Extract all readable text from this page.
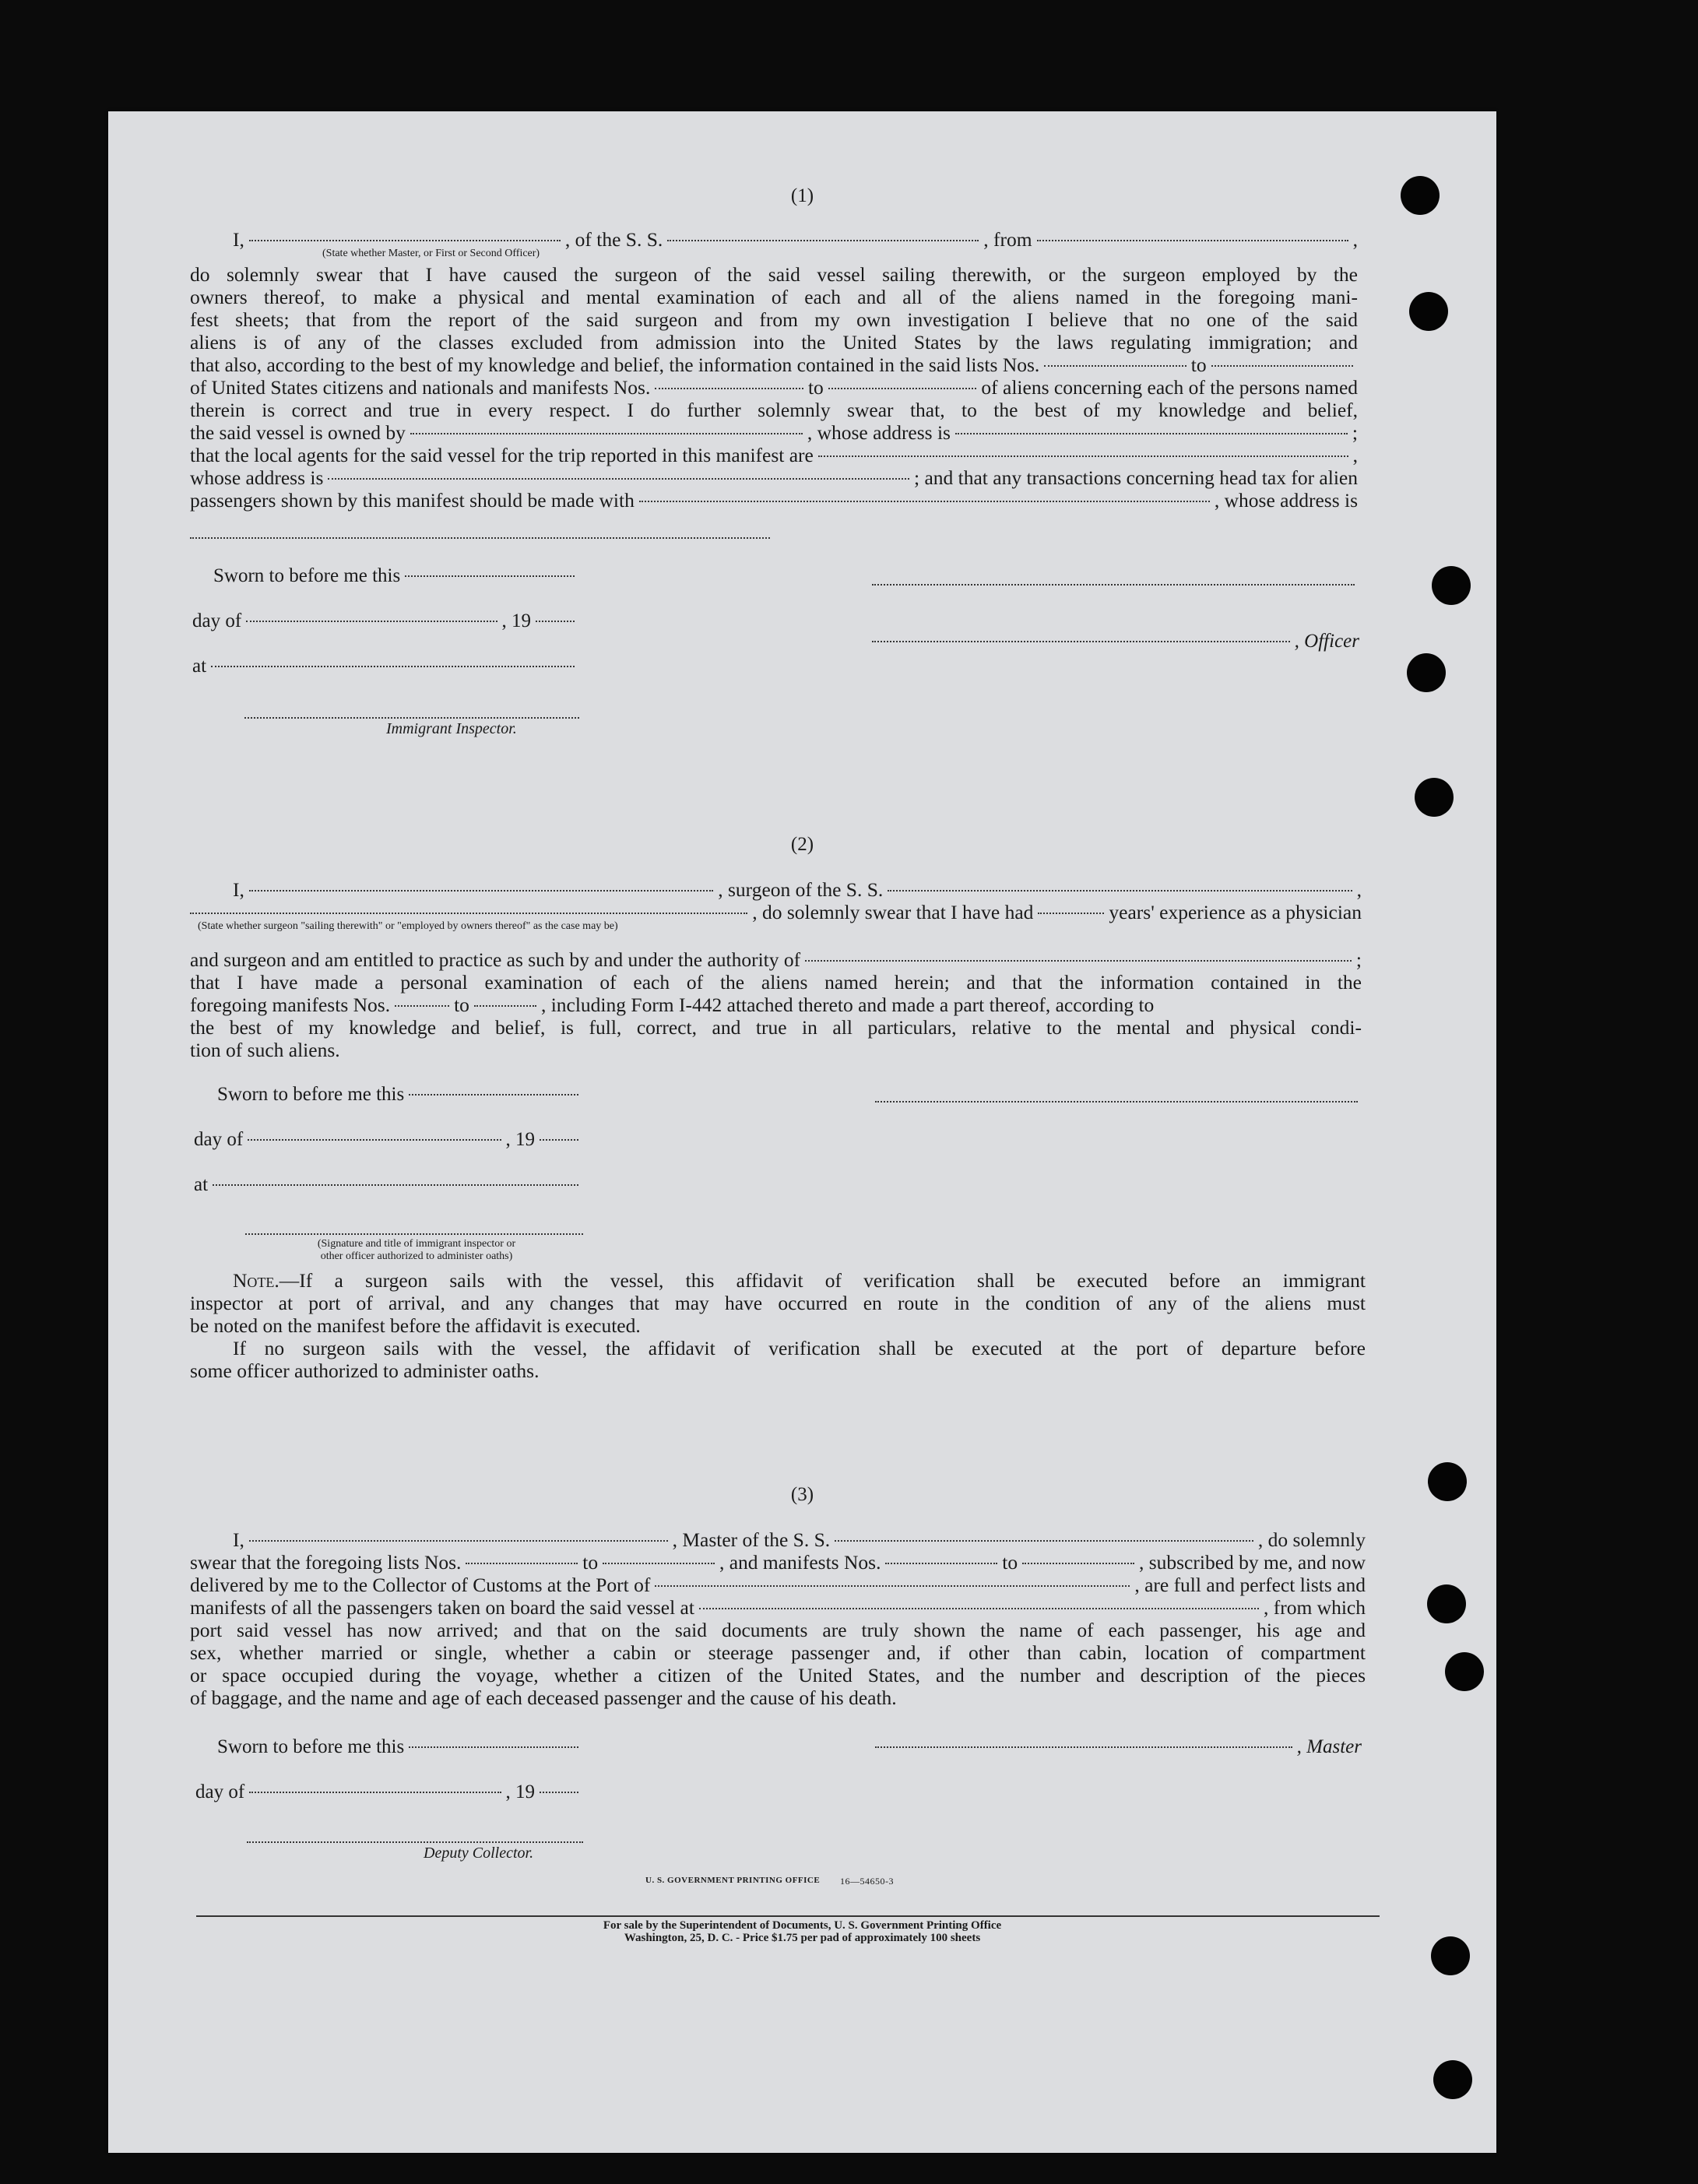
(1)
I,	, of the S. S.	, from	,
(State whether Master, or First or Second Officer)

do solemnly swear that I have caused the surgeon of the said vessel sailing therewith, or the surgeon employed by the

owners thereof, to make a physical and mental examination of each and all of the aliens named in the foregoing mani-

fest sheets; that from the report of the said surgeon and from my own investigation I believe that no one of the said

aliens is of any of the classes excluded from admission into the United States by the laws regulating immigration; and

that also, according to the best of my knowledge and belief, the information contained in the said lists Nos.	to
of United States citizens and nationals and manifests Nos.	to	of aliens concerning each of the persons named

therein is correct and true in every respect. I do further solemnly swear that, to the best of my knowledge and belief,

the said vessel is owned by	, whose address is	;
that the local agents for the said vessel for the trip reported in this manifest are	,
whose address is	; and that any transactions concerning head tax for alien
passengers shown by this manifest should be made with	, whose address is
Sworn to before me this
day of	, 19
at
Immigrant Inspector.
, Officer
(2)
I,	, surgeon of the S. S.	,
, do solemnly swear that I have had	years' experience as a physician
(State whether surgeon "sailing therewith" or "employed by owners thereof" as the case may be)
and surgeon and am entitled to practice as such by and under the authority of	;

that I have made a personal examination of each of the aliens named herein; and that the information contained in the

foregoing manifests Nos.	to	, including Form I-442 attached thereto and made a part thereof, according to

the best of my knowledge and belief, is full, correct, and true in all particulars, relative to the mental and physical condi-

tion of such aliens.
Sworn to before me this
day of	, 19
at
(Signature and title of immigrant inspector or
other officer authorized to administer oaths)

Note.—If a surgeon sails with the vessel, this affidavit of verification shall be executed before an immigrant

inspector at port of arrival, and any changes that may have occurred en route in the condition of any of the aliens must

be noted on the manifest before the affidavit is executed.

If no surgeon sails with the vessel, the affidavit of verification shall be executed at the port of departure before

some officer authorized to administer oaths.

(3)
I,	, Master of the S. S.	, do solemnly
swear that the foregoing lists Nos.	to	, and manifests Nos.	to	, subscribed by me, and now
delivered by me to the Collector of Customs at the Port of	, are full and perfect lists and
manifests of all the passengers taken on board the said vessel at	, from which

port said vessel has now arrived; and that on the said documents are truly shown the name of each passenger, his age and

sex, whether married or single, whether a cabin or steerage passenger and, if other than cabin, location of compartment

or space occupied during the voyage, whether a citizen of the United States, and the number and description of the pieces

of baggage, and the name and age of each deceased passenger and the cause of his death.

Sworn to before me this	, Master
day of	, 19
Deputy Collector.
U. S. GOVERNMENT PRINTING OFFICE 16—54650-3
For sale by the Superintendent of Documents, U. S. Government Printing Office
Washington, 25, D. C. - Price $1.75 per pad of approximately 100 sheets
